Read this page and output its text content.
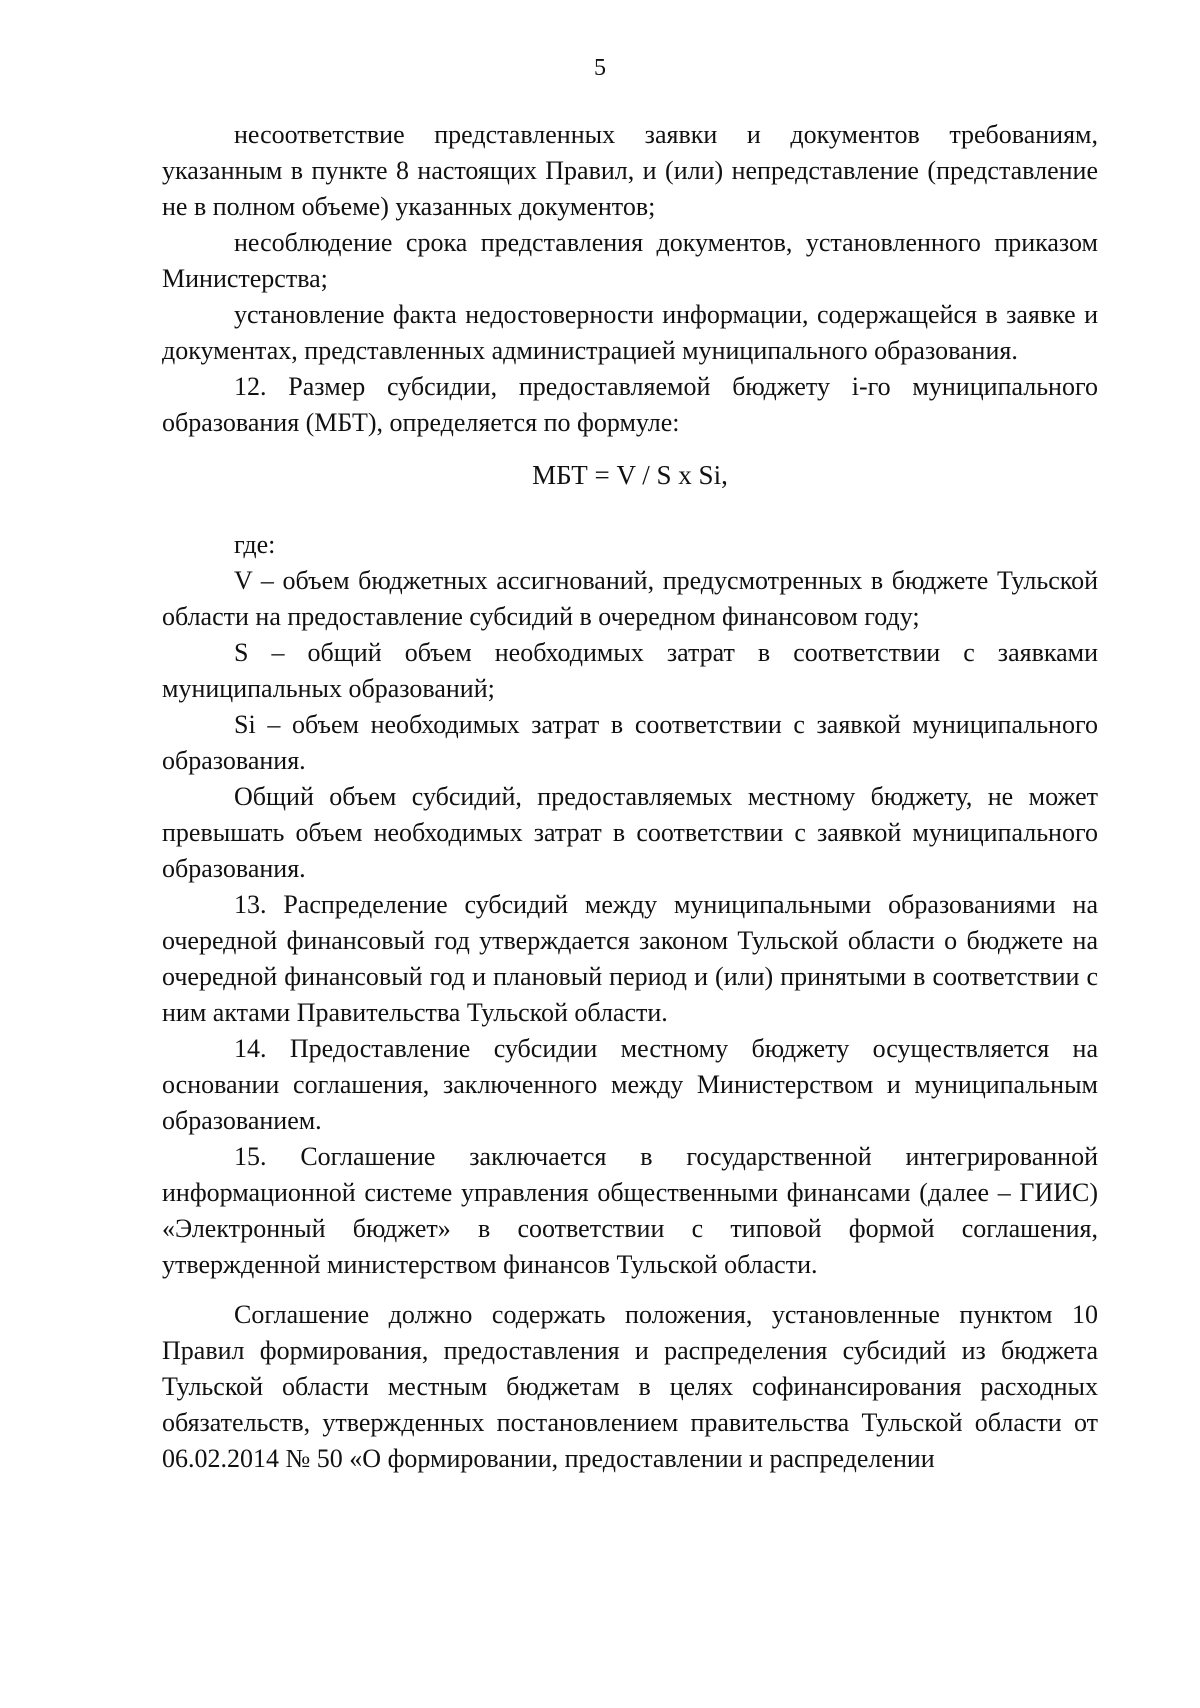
5

несоответствие представленных заявки и документов требованиям, указанным в пункте 8 настоящих Правил, и (или) непредставление (представление не в полном объеме) указанных документов;

несоблюдение срока представления документов, установленного приказом Министерства;

установление факта недостоверности информации, содержащейся в заявке и документах, представленных администрацией муниципального образования.

12. Размер субсидии, предоставляемой бюджету i-го муниципального образования (МБТ), определяется по формуле:

МБТ = V / S x Si,

где:

V – объем бюджетных ассигнований, предусмотренных в бюджете Тульской области на предоставление субсидий в очередном финансовом году;

S – общий объем необходимых затрат в соответствии с заявками муниципальных образований;

Si – объем необходимых затрат в соответствии с заявкой муниципального образования.

Общий объем субсидий, предоставляемых местному бюджету, не может превышать объем необходимых затрат в соответствии с заявкой муниципального образования.

13. Распределение субсидий между муниципальными образованиями на очередной финансовый год утверждается законом Тульской области о бюджете на очередной финансовый год и плановый период и (или) принятыми в соответствии с ним актами Правительства Тульской области.

14. Предоставление субсидии местному бюджету осуществляется на основании соглашения, заключенного между Министерством и муниципальным образованием.

15. Соглашение заключается в государственной интегрированной информационной системе управления общественными финансами (далее – ГИИС) «Электронный бюджет» в соответствии с типовой формой соглашения, утвержденной министерством финансов Тульской области.

Соглашение должно содержать положения, установленные пунктом 10 Правил формирования, предоставления и распределения субсидий из бюджета Тульской области местным бюджетам в целях софинансирования расходных обязательств, утвержденных постановлением правительства Тульской области от 06.02.2014 № 50 «О формировании, предоставлении и распределении
